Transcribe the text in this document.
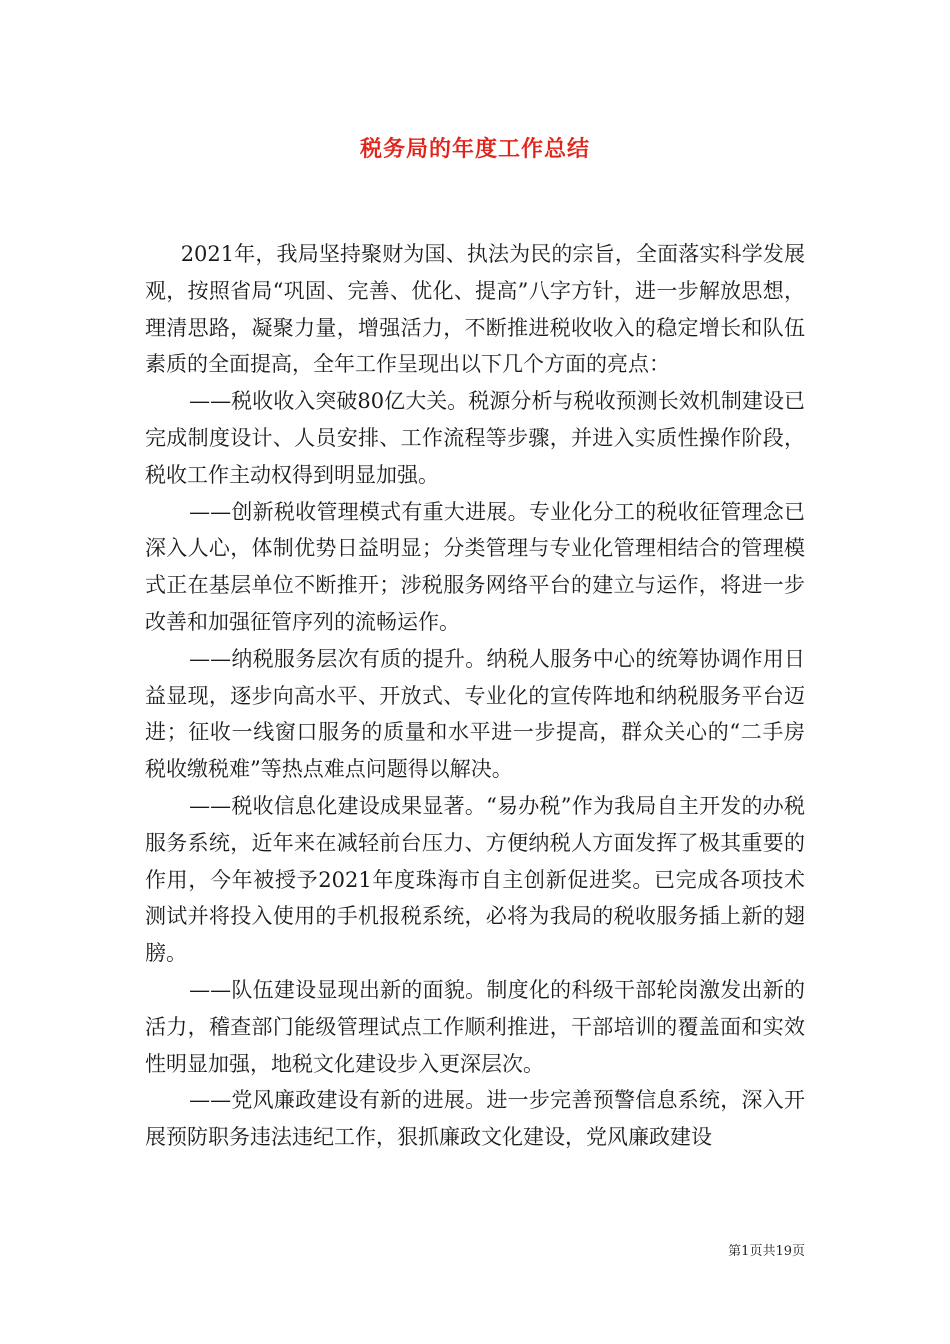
税务局的年度工作总结

2021年，我局坚持聚财为国、执法为民的宗旨，全面落实科学发展观，按照省局“巩固、完善、优化、提高”八字方针，进一步解放思想，理清思路，凝聚力量，增强活力，不断推进税收收入的稳定增长和队伍素质的全面提高，全年工作呈现出以下几个方面的亮点：

——税收收入突破80亿大关。税源分析与税收预测长效机制建设已完成制度设计、人员安排、工作流程等步骤，并进入实质性操作阶段，税收工作主动权得到明显加强。

——创新税收管理模式有重大进展。专业化分工的税收征管理念已深入人心，体制优势日益明显；分类管理与专业化管理相结合的管理模式正在基层单位不断推开；涉税服务网络平台的建立与运作，将进一步改善和加强征管序列的流畅运作。

——纳税服务层次有质的提升。纳税人服务中心的统筹协调作用日益显现，逐步向高水平、开放式、专业化的宣传阵地和纳税服务平台迈进；征收一线窗口服务的质量和水平进一步提高，群众关心的“二手房税收缴税难”等热点难点问题得以解决。

——税收信息化建设成果显著。“易办税”作为我局自主开发的办税服务系统，近年来在减轻前台压力、方便纳税人方面发挥了极其重要的作用，今年被授予2021年度珠海市自主创新促进奖。已完成各项技术测试并将投入使用的手机报税系统，必将为我局的税收服务插上新的翅膀。

——队伍建设显现出新的面貌。制度化的科级干部轮岗激发出新的活力，稽查部门能级管理试点工作顺利推进，干部培训的覆盖面和实效性明显加强，地税文化建设步入更深层次。

——党风廉政建设有新的进展。进一步完善预警信息系统，深入开展预防职务违法违纪工作，狠抓廉政文化建设，党风廉政建设

第1页共19页
